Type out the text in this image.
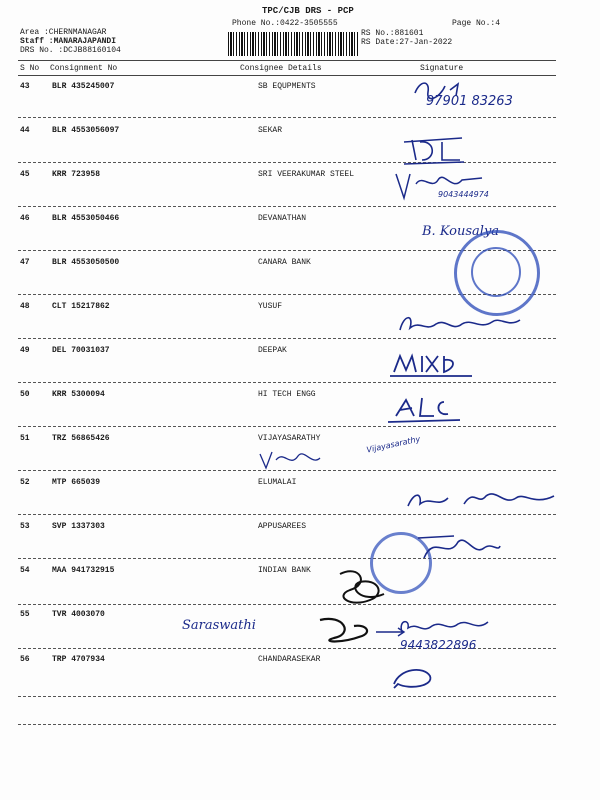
TPC/CJB DRS - PCP
Phone No.:0422-3505555
Area :CHERNMANAGAR
Staff :MANARAJAPANDI
DRS No. :DCJB88160104
RS No.:881601
RS Date:27-Jan-2022
Page No.:4
S No Consignment No	Consignee Details	Signature
43	BLR 435245007	SB EQUPMENTS
44	BLR 4553056097	SEKAR
45	KRR 723958	SRI VEERAKUMAR STEEL
46	BLR 4553050466	DEVANATHAN
47	BLR 4553050500	CANARA BANK
48	CLT 15217862	YUSUF
49	DEL 70031037	DEEPAK
50	KRR 5300094	HI TECH ENGG
51	TRZ 56865426	VIJAYASARATHY
52	MTP 665039	ELUMALAI
53	SVP 1337303	APPUSAREES
54	MAA 941732915	INDIAN BANK
55	TVR 4003070
56	TRP 4707934	CHANDARASEKAR
97901 83263
9043444974
B. Kousalya
Vijayasarathy
Saraswathi
9443822896
